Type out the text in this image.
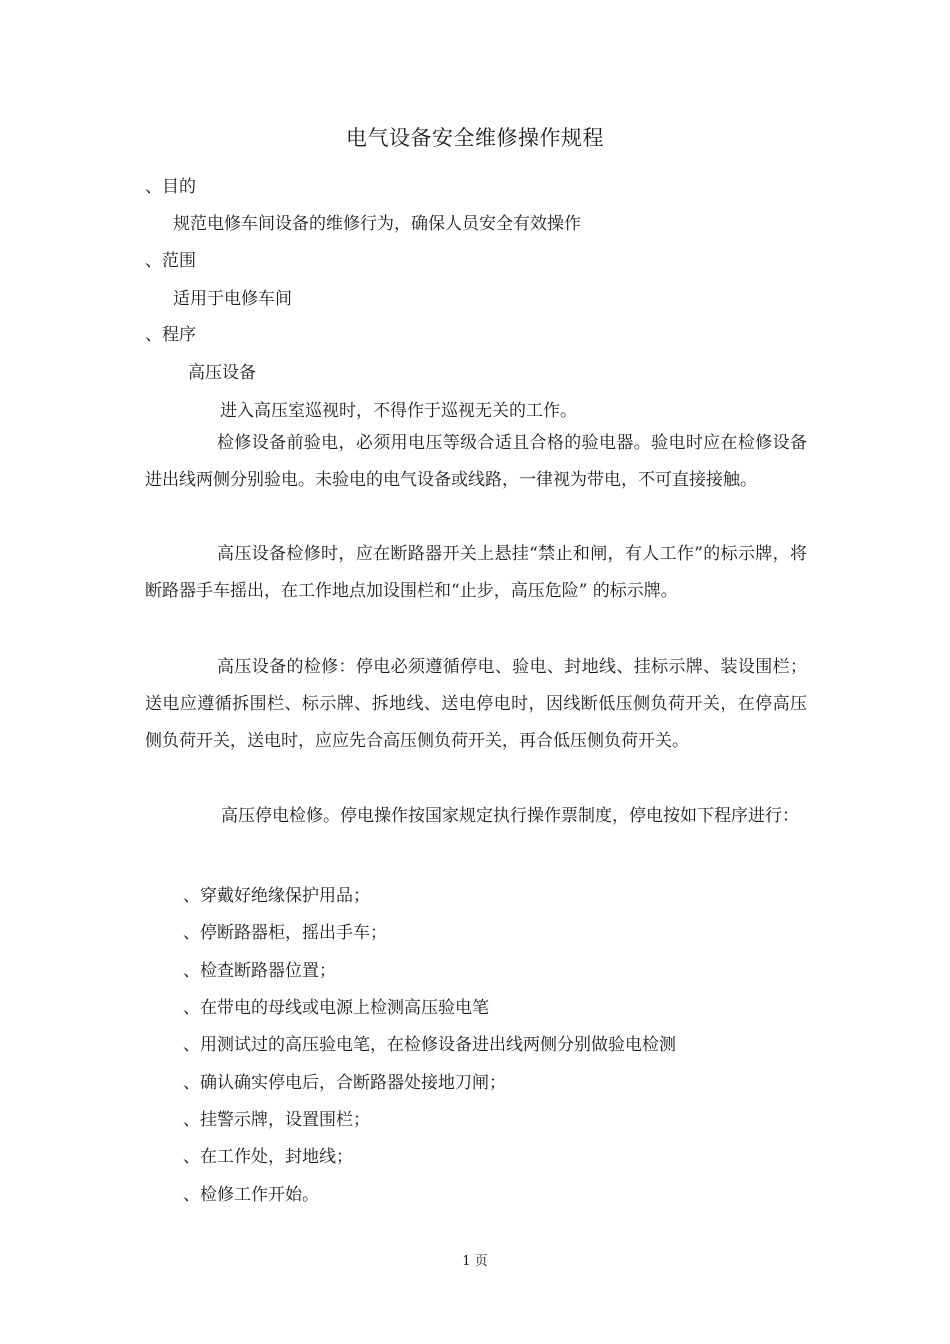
电气设备安全维修操作规程
、目的
规范电修车间设备的维修行为，确保人员安全有效操作
、范围
适用于电修车间
、程序
高压设备
进入高压室巡视时，不得作于巡视无关的工作。
检修设备前验电，必须用电压等级合适且合格的验电器。验电时应在检修设备进出线两侧分别验电。未验电的电气设备或线路，一律视为带电，不可直接接触。
高压设备检修时，应在断路器开关上悬挂“禁止和闸，有人工作”的标示牌，将断路器手车摇出，在工作地点加设围栏和“止步，高压危险” 的标示牌。
高压设备的检修：停电必须遵循停电、验电、封地线、挂标示牌、装设围栏；送电应遵循拆围栏、标示牌、拆地线、送电停电时，因线断低压侧负荷开关，在停高压侧负荷开关，送电时，应应先合高压侧负荷开关，再合低压侧负荷开关。
高压停电检修。停电操作按国家规定执行操作票制度，停电按如下程序进行：
、穿戴好绝缘保护用品；
、停断路器柜，摇出手车；
、检查断路器位置；
、在带电的母线或电源上检测高压验电笔
、用测试过的高压验电笔，在检修设备进出线两侧分别做验电检测
、确认确实停电后，合断路器处接地刀闸；
、挂警示牌，设置围栏；
、在工作处，封地线；
、检修工作开始。
1 页
